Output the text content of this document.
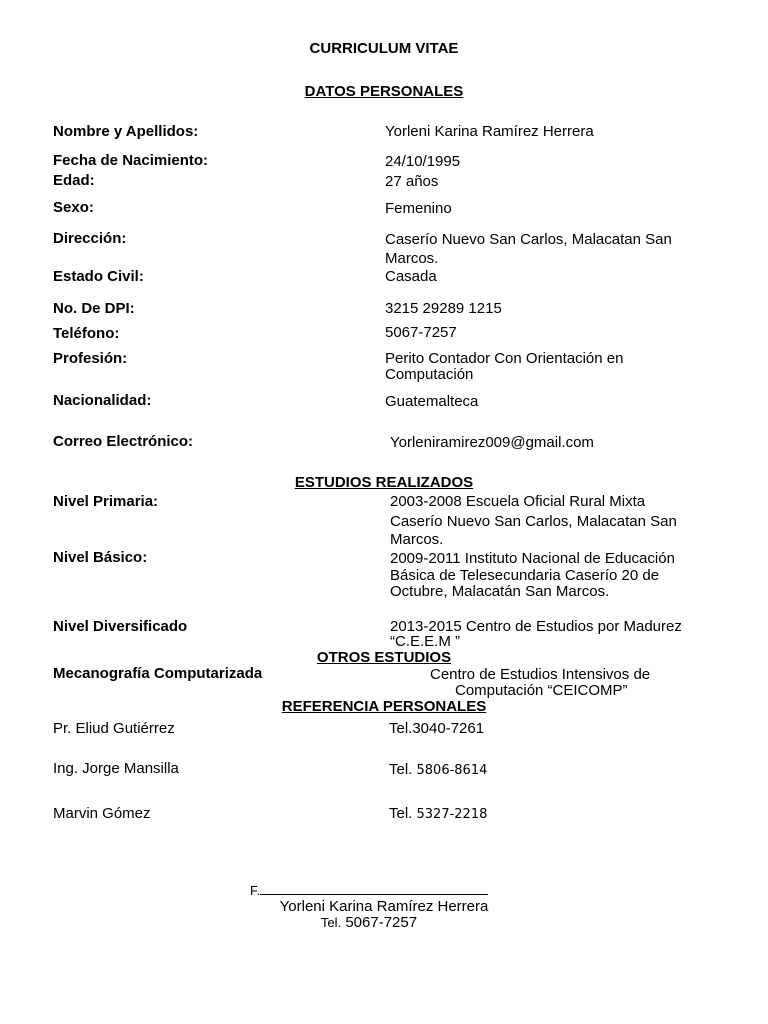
CURRICULUM VITAE
DATOS PERSONALES
Nombre y Apellidos:	Yorleni Karina Ramírez Herrera
Fecha de Nacimiento:	24/10/1995
Edad:	27 años
Sexo:	Femenino
Dirección:	Caserío Nuevo San Carlos, Malacatan San
Marcos.
Estado Civil:	Casada
No. De DPI:	3215 29289 1215
Teléfono:	5067-7257
Profesión:	Perito Contador Con Orientación en
Computación
Nacionalidad:	Guatemalteca
Correo Electrónico:	Yorleniramirez009@gmail.com
ESTUDIOS REALIZADOS
Nivel Primaria:	2003-2008 Escuela Oficial Rural Mixta
Caserío Nuevo San Carlos, Malacatan San
Marcos.
Nivel Básico:	2009-2011 Instituto Nacional de Educación
Básica de Telesecundaria Caserío 20 de
Octubre, Malacatán San Marcos.
Nivel Diversificado	2013-2015 Centro de Estudios por Madurez
“C.E.E.M ”
OTROS ESTUDIOS
Mecanografía Computarizada	Centro de Estudios Intensivos de
Computación “CEICOMP”
REFERENCIA PERSONALES
Pr. Eliud Gutiérrez	Tel.3040-7261
Ing. Jorge Mansilla	Tel. 5806-8614
Marvin Gómez	Tel. 5327-2218
F.
Yorleni Karina Ramírez Herrera
Tel. 5067-7257
